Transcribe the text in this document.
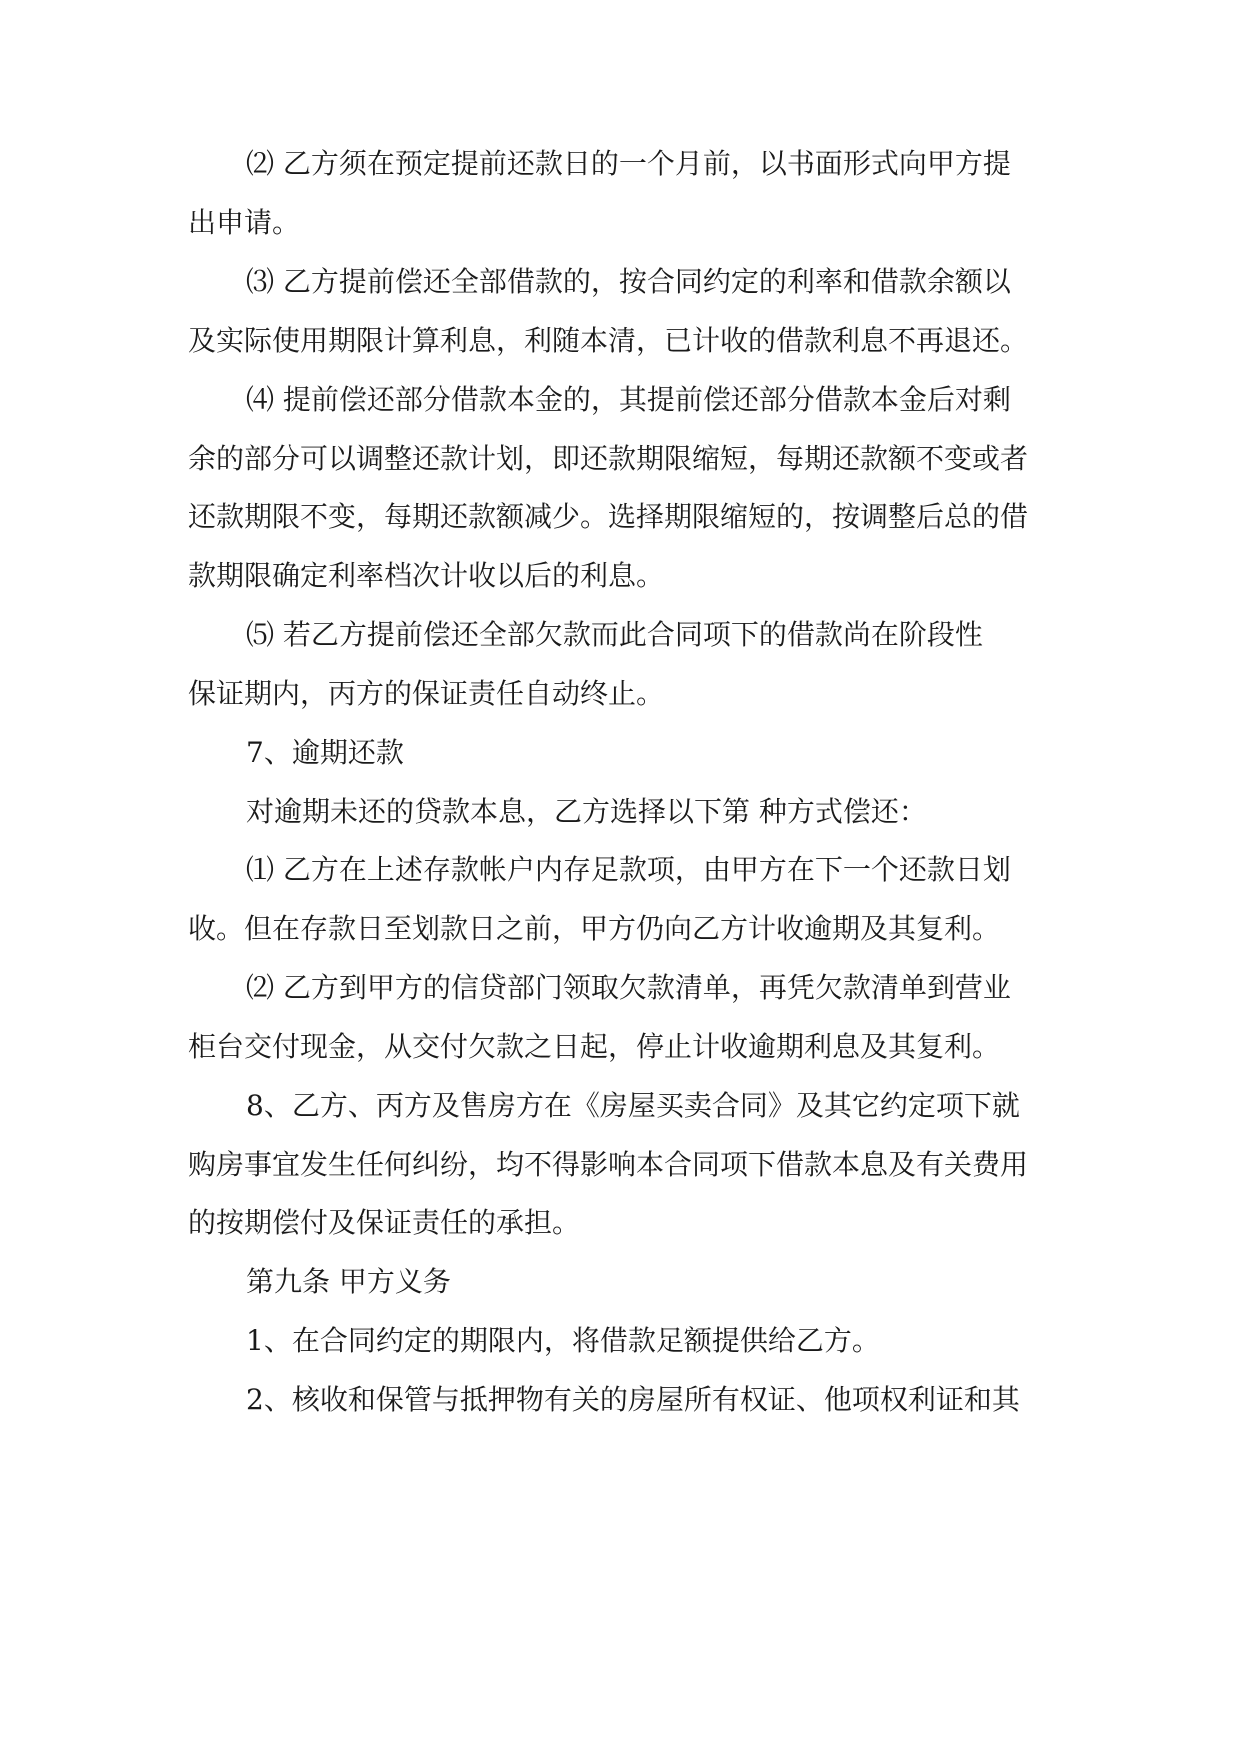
⑵ 乙方须在预定提前还款日的一个月前，以书面形式向甲方提

出申请。

⑶ 乙方提前偿还全部借款的，按合同约定的利率和借款余额以

及实际使用期限计算利息，利随本清，已计收的借款利息不再退还。

⑷ 提前偿还部分借款本金的，其提前偿还部分借款本金后对剩

余的部分可以调整还款计划，即还款期限缩短，每期还款额不变或者

还款期限不变，每期还款额减少。选择期限缩短的，按调整后总的借

款期限确定利率档次计收以后的利息。

⑸ 若乙方提前偿还全部欠款而此合同项下的借款尚在阶段性

保证期内，丙方的保证责任自动终止。

7、逾期还款

对逾期未还的贷款本息，乙方选择以下第 种方式偿还：

⑴ 乙方在上述存款帐户内存足款项，由甲方在下一个还款日划

收。但在存款日至划款日之前，甲方仍向乙方计收逾期及其复利。

⑵ 乙方到甲方的信贷部门领取欠款清单，再凭欠款清单到营业

柜台交付现金，从交付欠款之日起，停止计收逾期利息及其复利。

8、乙方、丙方及售房方在《房屋买卖合同》及其它约定项下就

购房事宜发生任何纠纷，均不得影响本合同项下借款本息及有关费用

的按期偿付及保证责任的承担。

第九条 甲方义务

1、在合同约定的期限内，将借款足额提供给乙方。

2、核收和保管与抵押物有关的房屋所有权证、他项权利证和其
